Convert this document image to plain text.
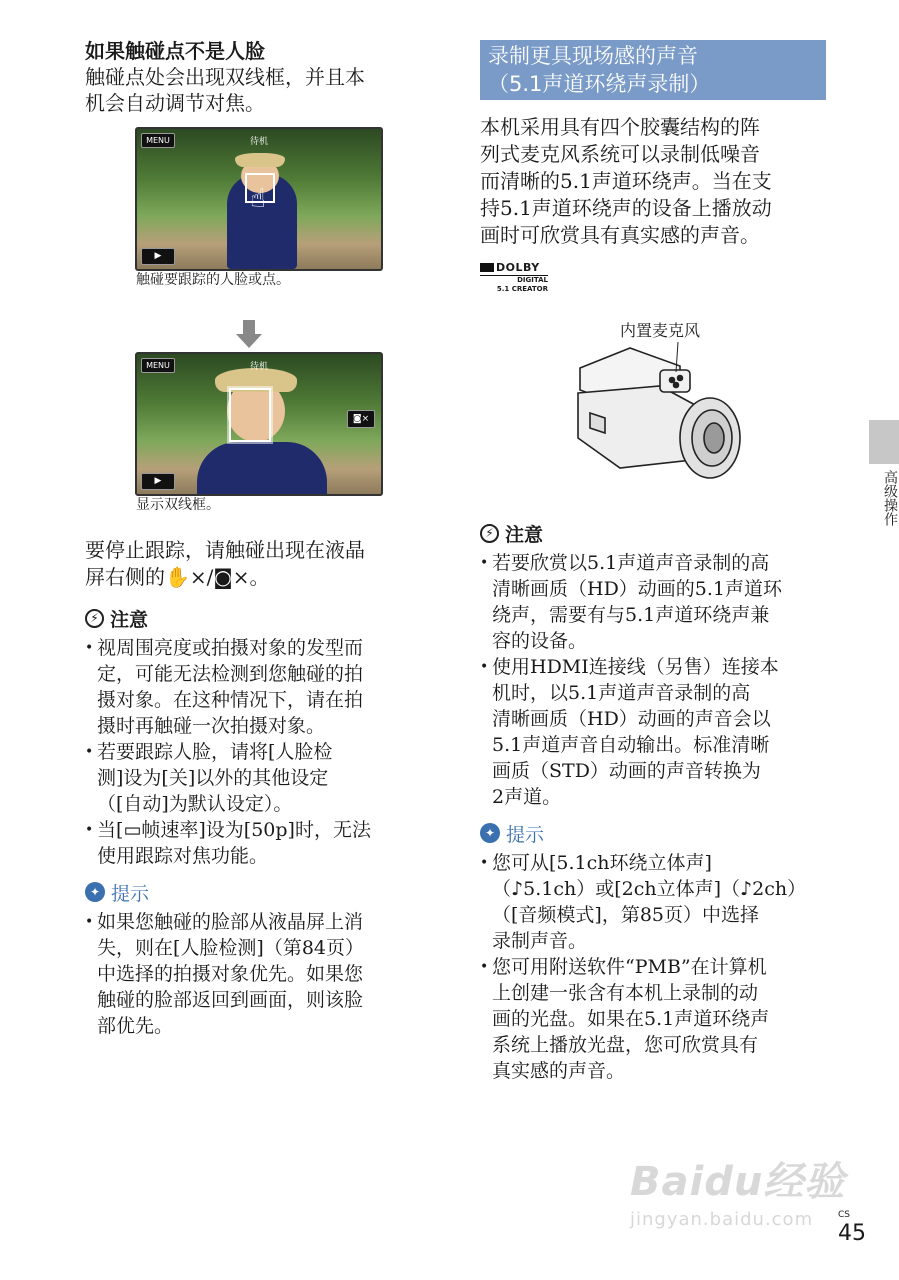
如果触碰点不是人脸

触碰点处会出现双线框，并且本

机会自动调节对焦。

☝
MENU	待机
▶
触碰要跟踪的人脸或点。
MENU	待机
◙×
▶
显示双线框。

要停止跟踪，请触碰出现在液晶

屏右侧的✋×/◙×。

⚡ 注意
• 视周围亮度或拍摄对象的发型而
定，可能无法检测到您触碰的拍
摄对象。在这种情况下，请在拍
摄时再触碰一次拍摄对象。
• 若要跟踪人脸，请将[人脸检
测]设为[关]以外的其他设定
（[自动]为默认设定）。
• 当[▭帧速率]设为[50p]时，无法
使用跟踪对焦功能。
✦ 提示
• 如果您触碰的脸部从液晶屏上消
失，则在[人脸检测]（第84页）
中选择的拍摄对象优先。如果您
触碰的脸部返回到画面，则该脸
部优先。
录制更具现场感的声音
（5.1声道环绕声录制）

本机采用具有四个胶囊结构的阵

列式麦克风系统可以录制低噪音

而清晰的5.1声道环绕声。当在支

持5.1声道环绕声的设备上播放动

画时可欣赏具有真实感的声音。

DOLBY
DIGITAL
5.1 CREATOR
内置麦克风
⚡ 注意
• 若要欣赏以5.1声道声音录制的高
清晰画质（HD）动画的5.1声道环
绕声，需要有与5.1声道环绕声兼
容的设备。
• 使用HDMI连接线（另售）连接本
机时，以5.1声道声音录制的高
清晰画质（HD）动画的声音会以
5.1声道声音自动输出。标准清晰
画质（STD）动画的声音转换为
2声道。
✦ 提示
• 您可从[5.1ch环绕立体声]
（♪5.1ch）或[2ch立体声]（♪2ch）
（[音频模式]，第85页）中选择
录制声音。
• 您可用附送软件“PMB”在计算机
上创建一张含有本机上录制的动
画的光盘。如果在5.1声道环绕声
系统上播放光盘，您可欣赏具有
真实感的声音。
高级操作
Baidu经验
jingyan.baidu.com	CS
45
